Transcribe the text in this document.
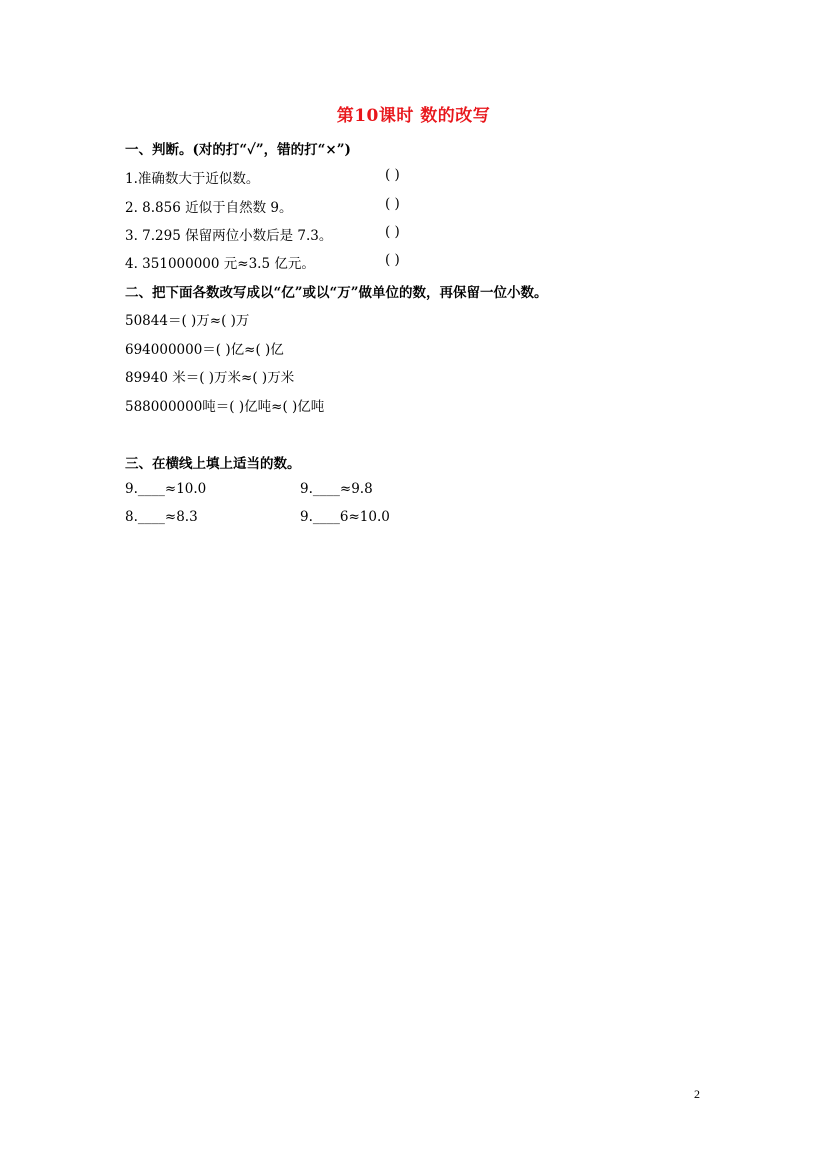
第10课时 数的改写
一、判断。(对的打“✓”，错的打“×”)
1.准确数大于近似数。	( )
2. 8.856 近似于自然数 9。	( )
3. 7.295 保留两位小数后是 7.3。	( )
4. 351000000 元≈3.5 亿元。	( )
二、把下面各数改写成以“亿”或以“万”做单位的数，再保留一位小数。
50844＝( )万≈( )万
694000000＝( )亿≈( )亿
89940 米＝( )万米≈( )万米
588000000吨＝( )亿吨≈( )亿吨
三、在横线上填上适当的数。
9.____≈10.0	9.____≈9.8
8.____≈8.3	9.____6≈10.0
2
